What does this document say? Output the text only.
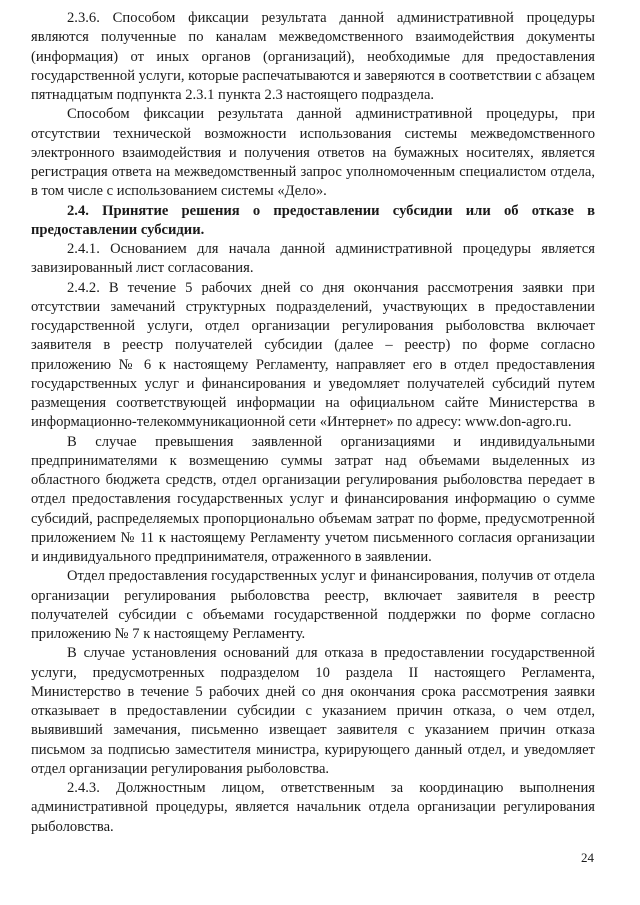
2.3.6. Способом фиксации результата данной административной процедуры являются полученные по каналам межведомственного взаимодействия документы (информация) от иных органов (организаций), необходимые для предоставления государственной услуги, которые распечатываются и заверяются в соответствии с абзацем пятнадцатым подпункта 2.3.1 пункта 2.3 настоящего подраздела.

Способом фиксации результата данной административной процедуры, при отсутствии технической возможности использования системы межведомственного электронного взаимодействия и получения ответов на бумажных носителях, является регистрация ответа на межведомственный запрос уполномоченным специалистом отдела, в том числе с использованием системы «Дело».

2.4. Принятие решения о предоставлении субсидии или об отказе в предоставлении субсидии.

2.4.1. Основанием для начала данной административной процедуры является завизированный лист согласования.

2.4.2. В течение 5 рабочих дней со дня окончания рассмотрения заявки при отсутствии замечаний структурных подразделений, участвующих в предоставлении государственной услуги, отдел организации регулирования рыболовства включает заявителя в реестр получателей субсидии (далее – реестр) по форме согласно приложению № 6 к настоящему Регламенту, направляет его в отдел предоставления государственных услуг и финансирования и уведомляет получателей субсидий путем размещения соответствующей информации на официальном сайте Министерства в информационно-телекоммуникационной сети «Интернет» по адресу: www.don-agro.ru.

В случае превышения заявленной организациями и индивидуальными предпринимателями к возмещению суммы затрат над объемами выделенных из областного бюджета средств, отдел организации регулирования рыболовства передает в отдел предоставления государственных услуг и финансирования информацию о сумме субсидий, распределяемых пропорционально объемам затрат по форме, предусмотренной приложением № 11 к настоящему Регламенту учетом письменного согласия организации и индивидуального предпринимателя, отраженного в заявлении.

Отдел предоставления государственных услуг и финансирования, получив от отдела организации регулирования рыболовства реестр, включает заявителя в реестр получателей субсидии с объемами государственной поддержки по форме согласно приложению № 7 к настоящему Регламенту.

В случае установления оснований для отказа в предоставлении государственной услуги, предусмотренных подразделом 10 раздела II настоящего Регламента, Министерство в течение 5 рабочих дней со дня окончания срока рассмотрения заявки отказывает в предоставлении субсидии с указанием причин отказа, о чем отдел, выявивший замечания, письменно извещает заявителя с указанием причин отказа письмом за подписью заместителя министра, курирующего данный отдел, и уведомляет отдел организации регулирования рыболовства.

2.4.3. Должностным лицом, ответственным за координацию выполнения административной процедуры, является начальник отдела организации регулирования рыболовства.

24
